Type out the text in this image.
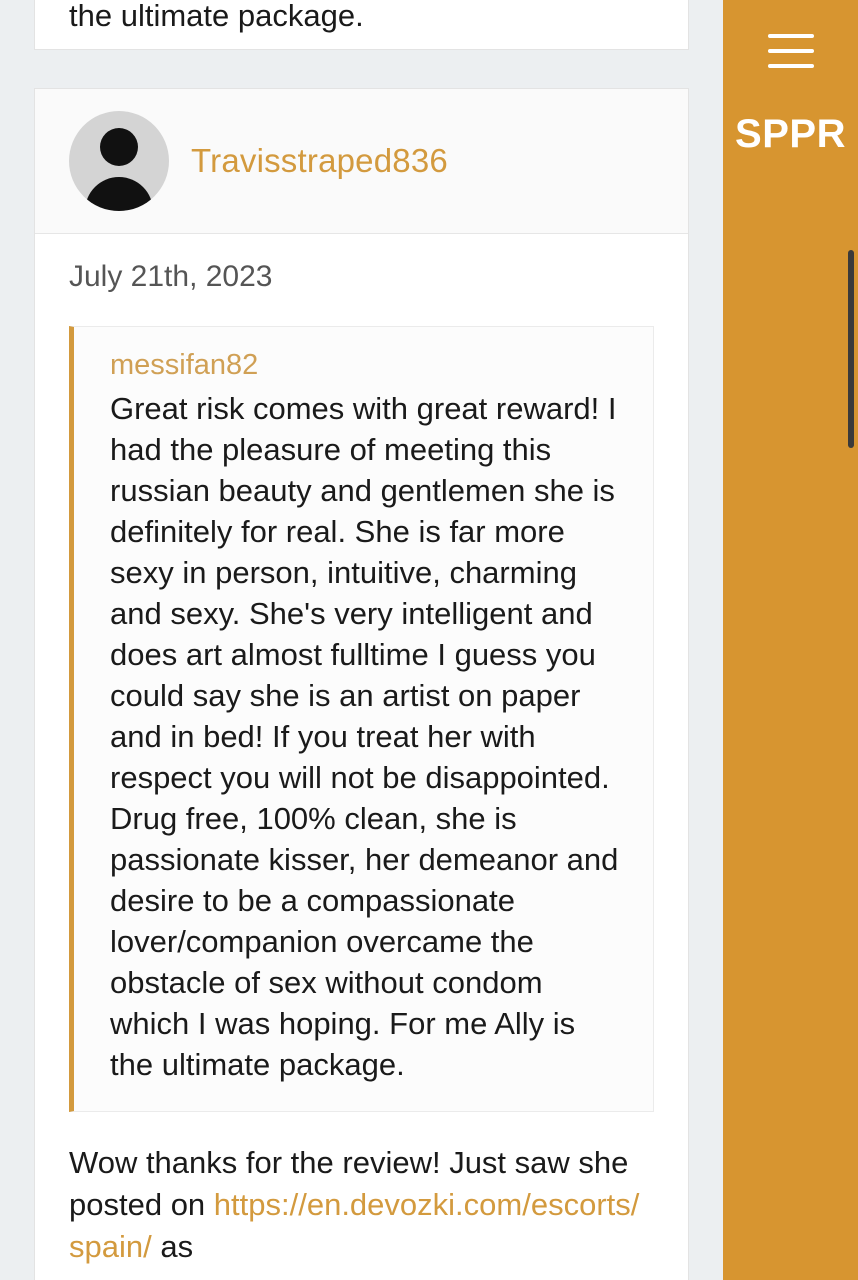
the ultimate package.
Travisstraped836
July 21th, 2023
messifan82
Great risk comes with great reward! I had the pleasure of meeting this russian beauty and gentlemen she is definitely for real. She is far more sexy in person, intuitive, charming and sexy. She's very intelligent and does art almost fulltime I guess you could say she is an artist on paper and in bed! If you treat her with respect you will not be disappointed. Drug free, 100% clean, she is passionate kisser, her demeanor and desire to be a compassionate lover/companion overcame the obstacle of sex without condom which I was hoping. For me Ally is the ultimate package.
Wow thanks for the review! Just saw she posted on https://en.devozki.com/escorts/spain/ as
SPPR
